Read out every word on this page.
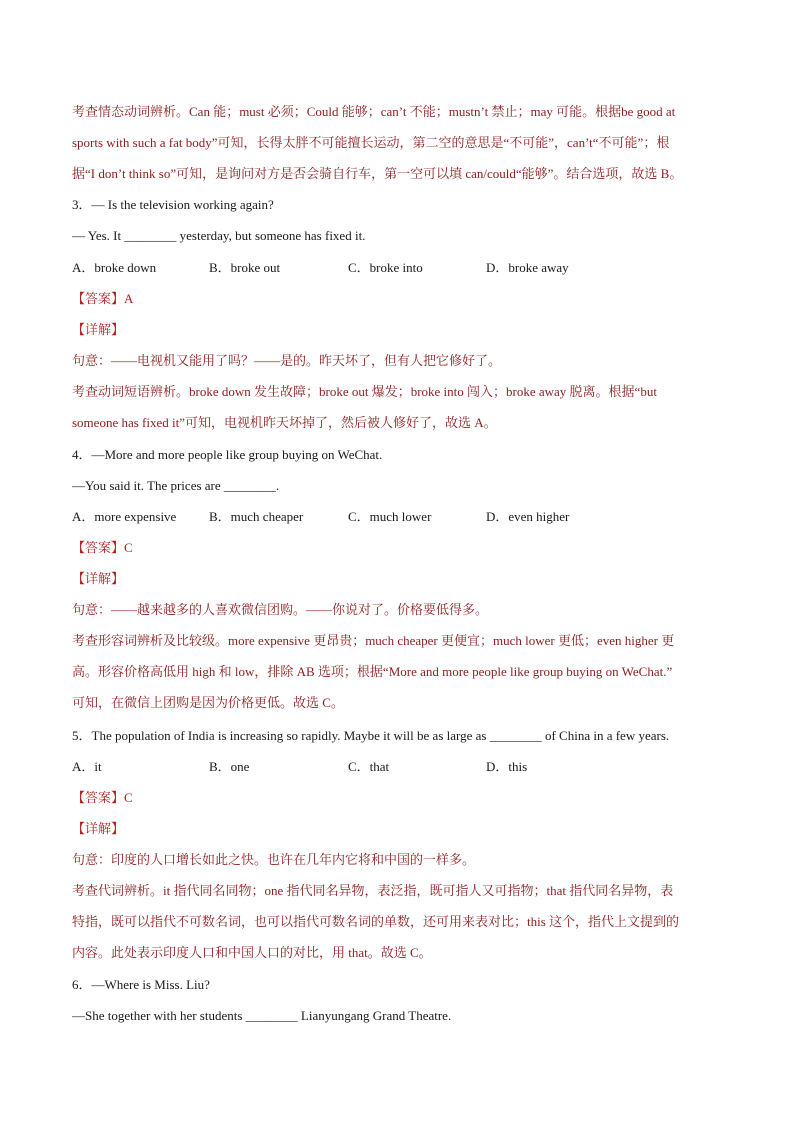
考查情态动词辨析。Can 能；must 必须；Could 能够；can’t 不能；mustn’t 禁止；may 可能。根据be good at
sports with such a fat body”可知，长得太胖不可能擅长运动，第二空的意思是“不可能”，can’t“不可能”；根
据“I don’t think so”可知，是询问对方是否会骑自行车，第一空可以填 can/could“能够”。结合选项，故选 B。
3．— Is the television working again?
— Yes. It ________ yesterday, but someone has fixed it.
A．broke down	B．broke out	C．broke into	D．broke away
【答案】A
【详解】
句意：——电视机又能用了吗？——是的。昨天坏了，但有人把它修好了。
考查动词短语辨析。broke down 发生故障；broke out 爆发；broke into 闯入；broke away 脱离。根据“but
someone has fixed it”可知，电视机昨天坏掉了，然后被人修好了，故选 A。
4．—More and more people like group buying on WeChat.
—You said it. The prices are ________.
A．more expensive	B．much cheaper	C．much lower	D．even higher
【答案】C
【详解】
句意：——越来越多的人喜欢微信团购。——你说对了。价格要低得多。
考查形容词辨析及比较级。more expensive 更昂贵；much cheaper 更便宜；much lower 更低；even higher 更
高。形容价格高低用 high 和 low，排除 AB 选项；根据“More and more people like group buying on WeChat.”
可知，在微信上团购是因为价格更低。故选 C。
5．The population of India is increasing so rapidly. Maybe it will be as large as ________ of China in a few years.
A．it	B．one	C．that	D．this
【答案】C
【详解】
句意：印度的人口增长如此之快。也许在几年内它将和中国的一样多。
考查代词辨析。it 指代同名同物；one 指代同名异物，表泛指，既可指人又可指物；that 指代同名异物，表
特指，既可以指代不可数名词，也可以指代可数名词的单数，还可用来表对比；this 这个，指代上文提到的
内容。此处表示印度人口和中国人口的对比，用 that。故选 C。
6．—Where is Miss. Liu?
—She together with her students ________ Lianyungang Grand Theatre.
